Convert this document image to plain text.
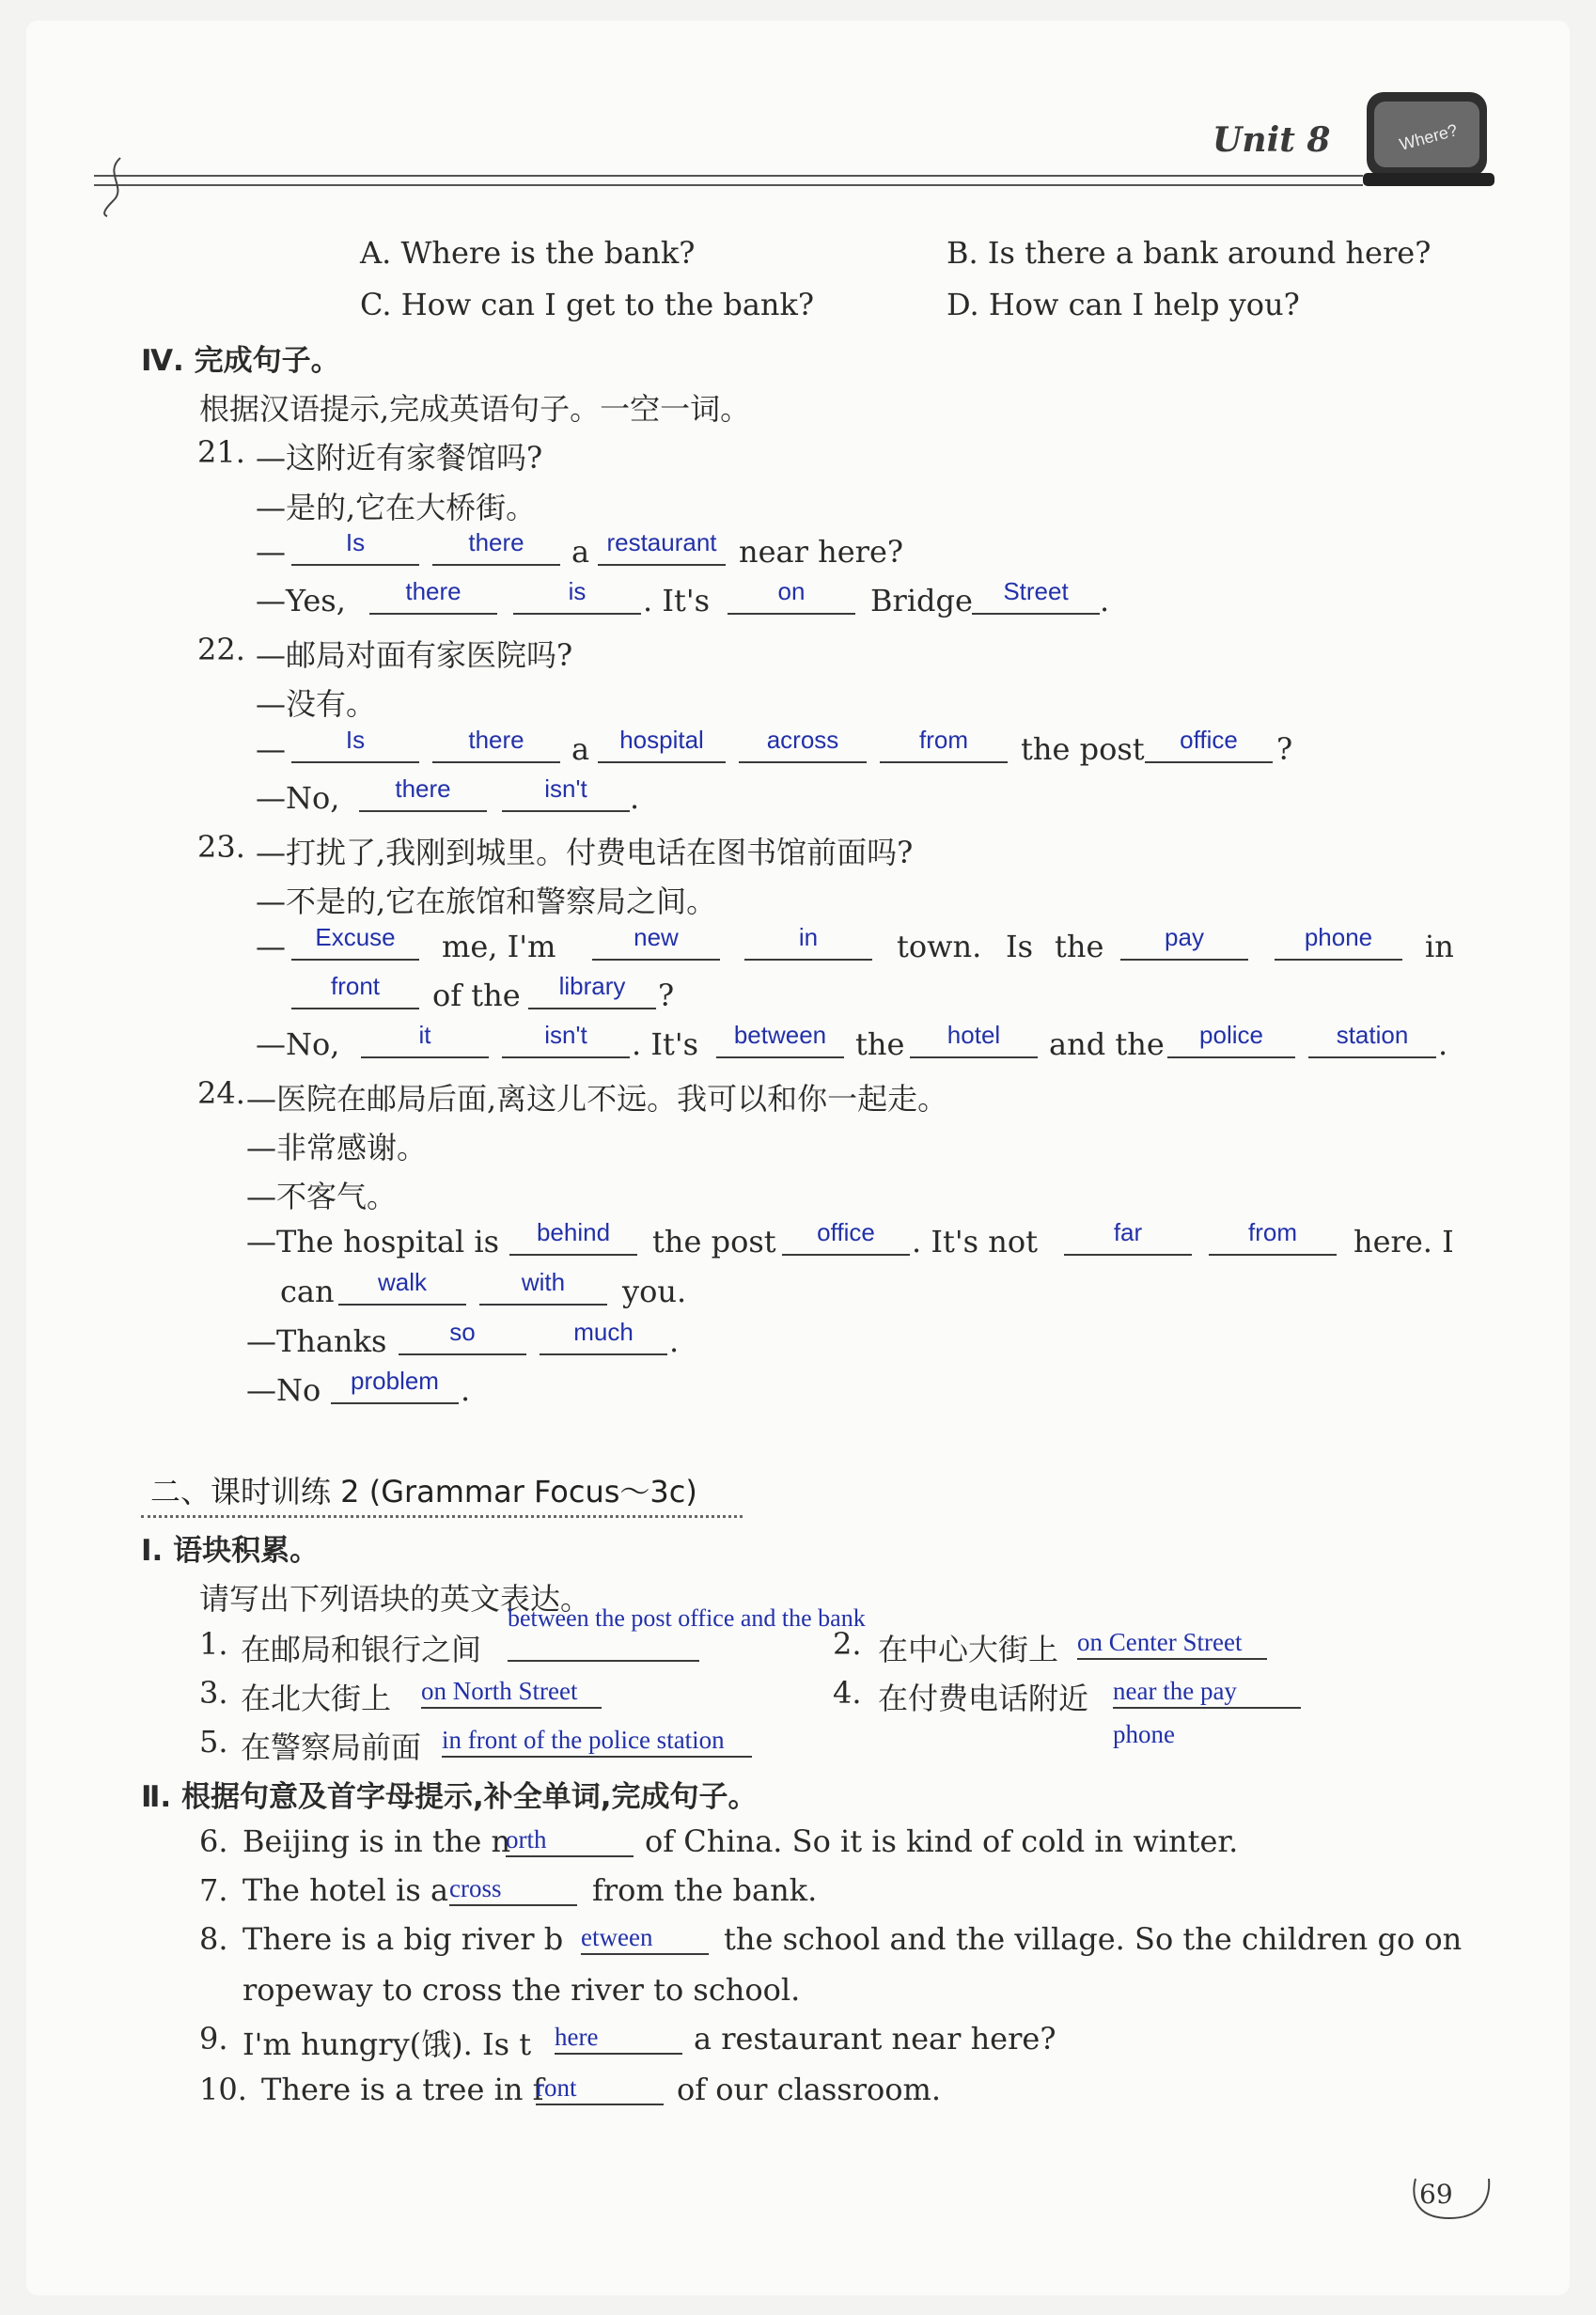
Unit 8	Where?
A. Where is the bank?	B. Is there a bank around here?
C. How can I get to the bank?	D. How can I help you?
Ⅳ. 完成句子。
根据汉语提示,完成英语句子。一空一词。
21. —这附近有家餐馆吗?
—是的,它在大桥街。
—	Is	there	a restaurant near here?
—Yes,	there	is	. It's	on	Bridge	Street	.
22. —邮局对面有家医院吗?
—没有。
—	Is	there	a	hospital	across	from	the post	office	?
—No,	there	isn't	.
23. —打扰了,我刚到城里。付费电话在图书馆前面吗?
—不是的,它在旅馆和警察局之间。
—	Excuse	me, I'm	new	in	town. Is the	pay	phone	in
front	of the	library	?
—No,	it	isn't	. It's	between the	hotel	and the	police	station .
24. —医院在邮局后面,离这儿不远。我可以和你一起走。
—非常感谢。
—不客气。
—The hospital is	behind	the post	office	. It's not	far	from	here. I
can	walk	with	you.
—Thanks	so	much	.
—No	problem .
二、课时训练 2 (Grammar Focus～3c)
Ⅰ. 语块积累。
请写出下列语块的英文表达。
1. 在邮局和银行之间
between the post office and the bank
2. 在中心大街上 on Center Street
3. 在北大街上 on North Street	4. 在付费电话附近 near the pay phone
5. 在警察局前面 in front of the police station
Ⅱ. 根据句意及首字母提示,补全单词,完成句子。
6. Beijing is in the n
orth	of China. So it is kind of cold in winter.
7. The hotel is a cross	from the bank.
8. There is a big river b etween	the school and the village. So the children go on
ropeway to cross the river to school.
9. I'm hungry(饿). Is t here	a restaurant near here?
10. There is a tree in f
ront	of our classroom.
69
